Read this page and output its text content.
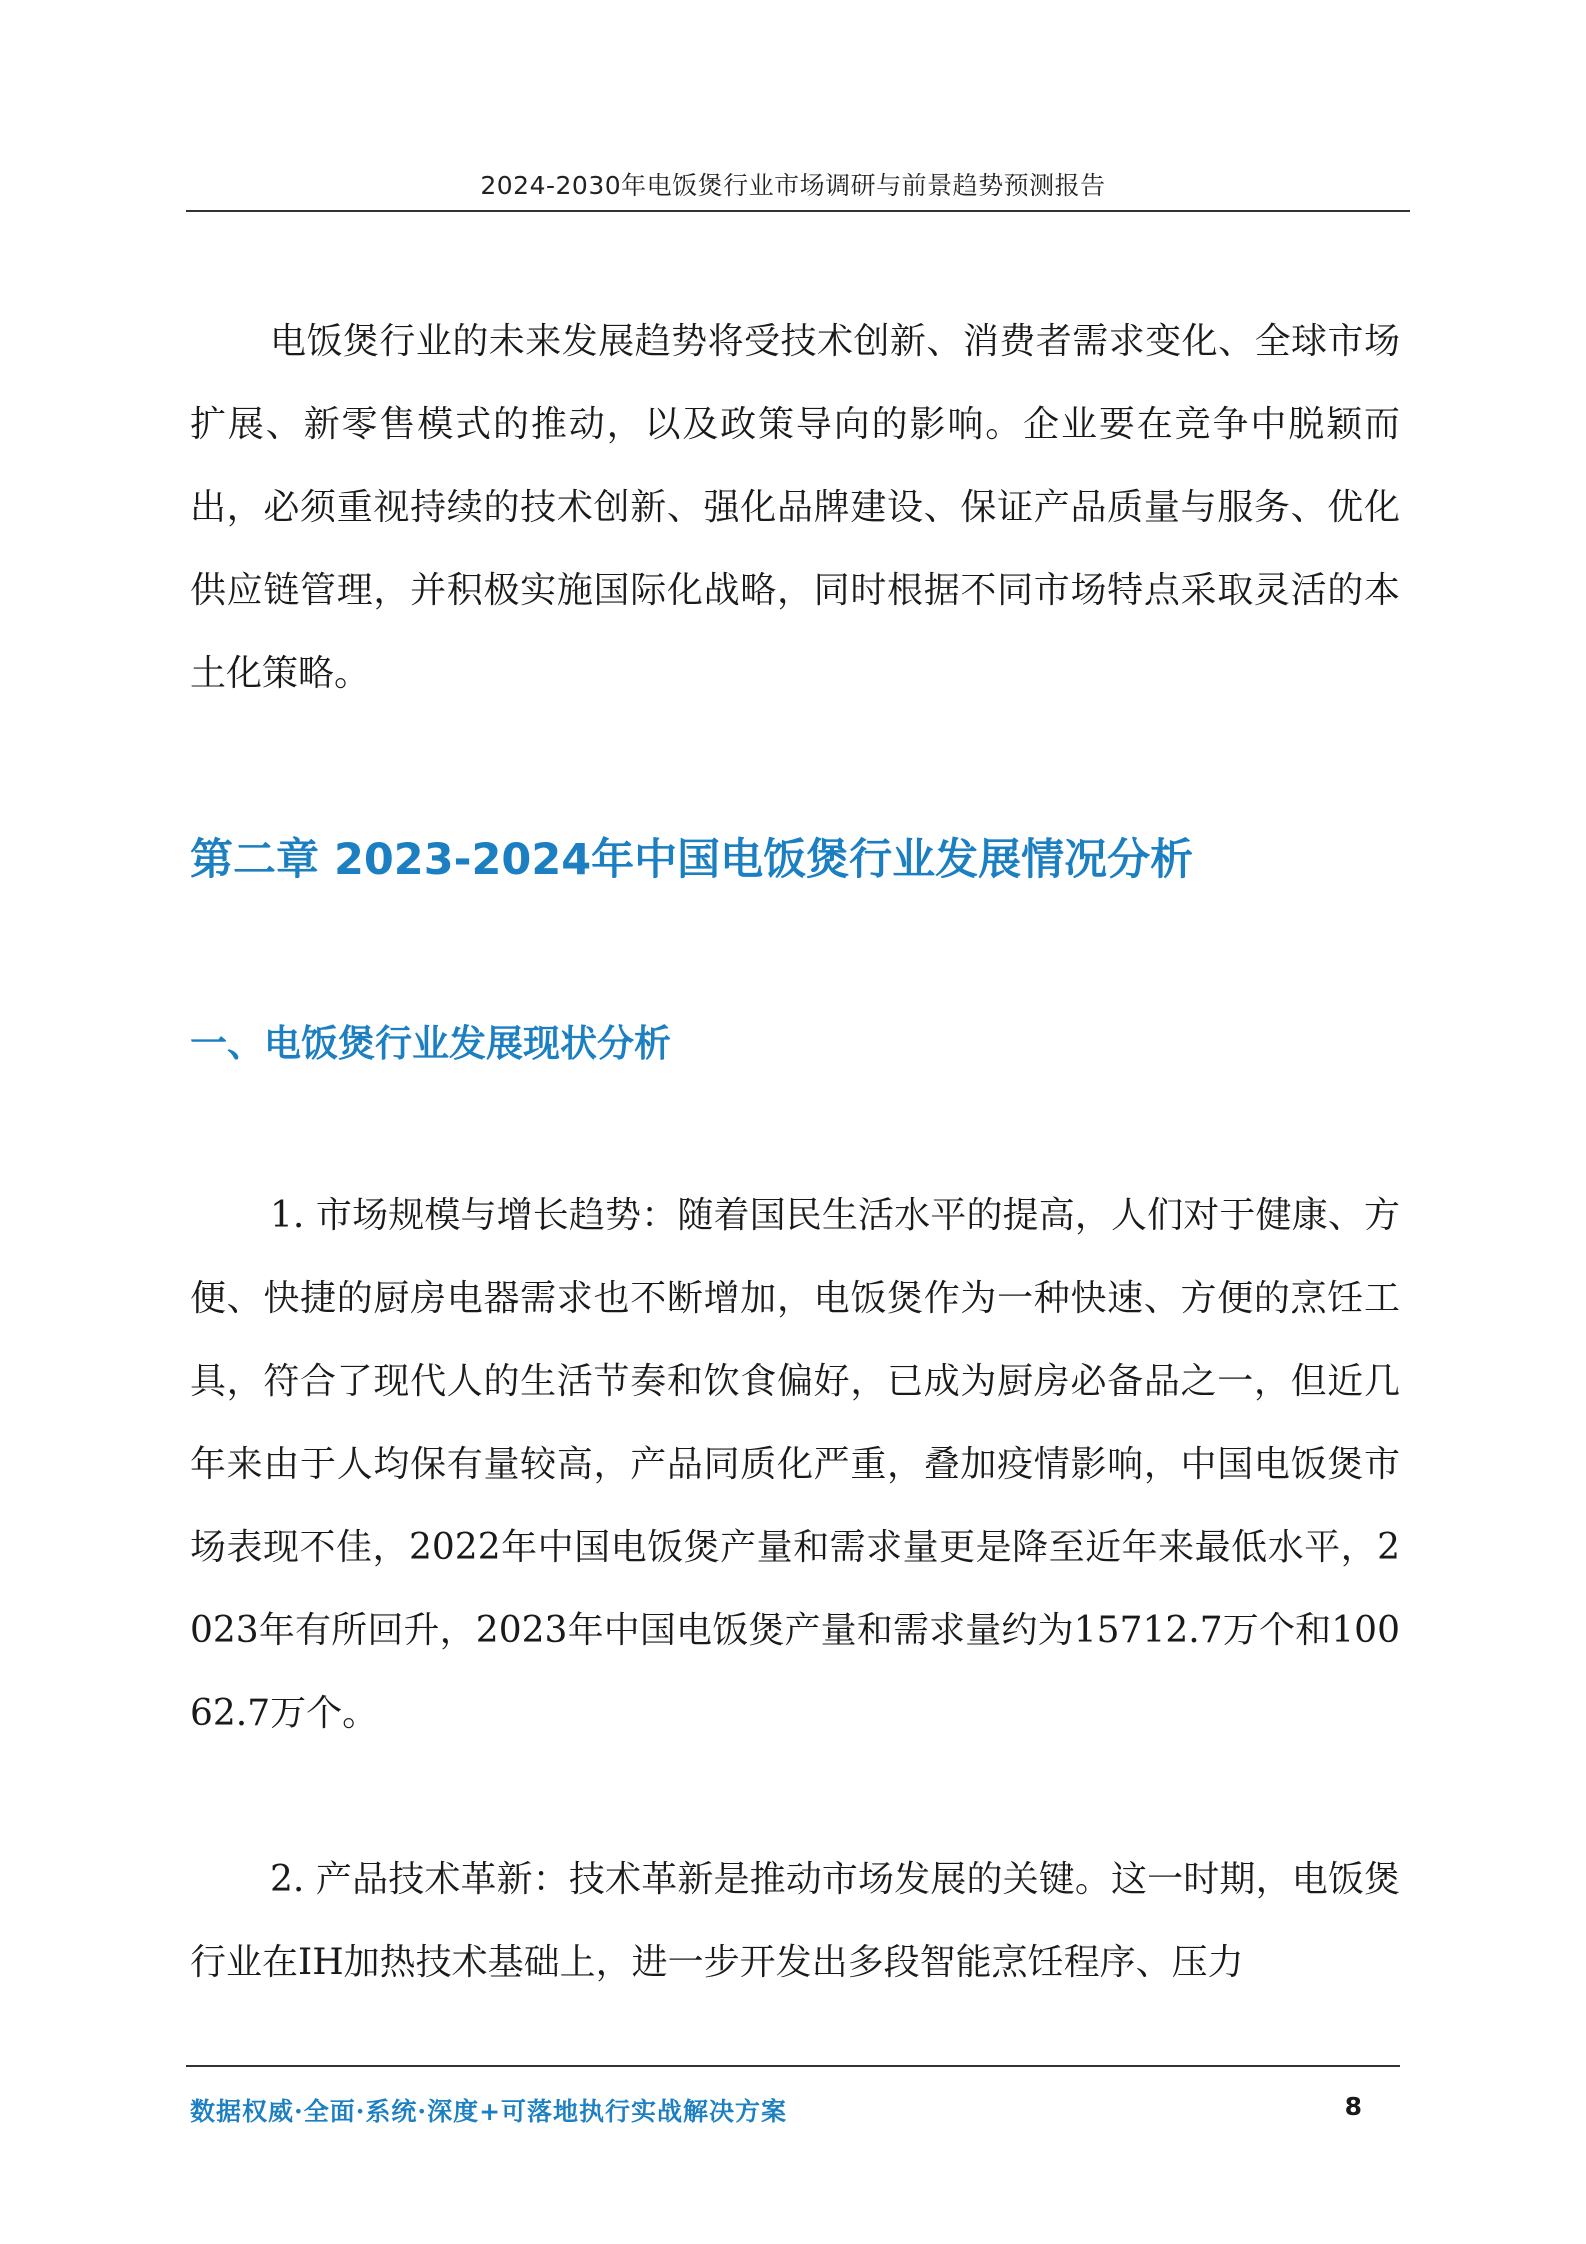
2024-2030年电饭煲行业市场调研与前景趋势预测报告

电饭煲行业的未来发展趋势将受技术创新、消费者需求变化、全球市场扩展、新零售模式的推动，以及政策导向的影响。企业要在竞争中脱颖而出，必须重视持续的技术创新、强化品牌建设、保证产品质量与服务、优化供应链管理，并积极实施国际化战略，同时根据不同市场特点采取灵活的本土化策略。

第二章 2023-2024年中国电饭煲行业发展情况分析
一、电饭煲行业发展现状分析

1. 市场规模与增长趋势：随着国民生活水平的提高，人们对于健康、方便、快捷的厨房电器需求也不断增加，电饭煲作为一种快速、方便的烹饪工具，符合了现代人的生活节奏和饮食偏好，已成为厨房必备品之一，但近几年来由于人均保有量较高，产品同质化严重，叠加疫情影响，中国电饭煲市场表现不佳，2022年中国电饭煲产量和需求量更是降至近年来最低水平，2023年有所回升，2023年中国电饭煲产量和需求量约为15712.7万个和10062.7万个。

2. 产品技术革新：技术革新是推动市场发展的关键。这一时期，电饭煲行业在IH加热技术基础上，进一步开发出多段智能烹饪程序、压力

数据权威·全面·系统·深度+可落地执行实战解决方案	8
